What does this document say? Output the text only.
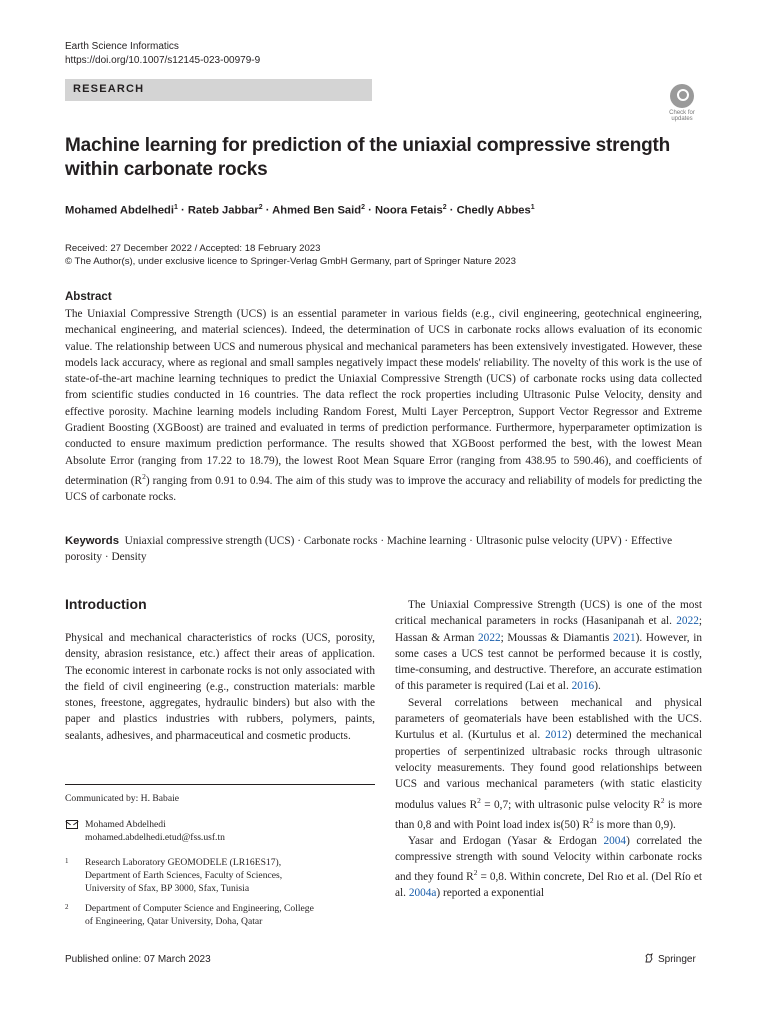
Earth Science Informatics
https://doi.org/10.1007/s12145-023-00979-9
RESEARCH
Check for updates
Machine learning for prediction of the uniaxial compressive strength within carbonate rocks
Mohamed Abdelhedi$^1$ · Rateb Jabbar$^2$ · Ahmed Ben Said$^2$ · Noora Fetais$^2$ · Chedly Abbes$^1$
Received: 27 December 2022 / Accepted: 18 February 2023
© The Author(s), under exclusive licence to Springer-Verlag GmbH Germany, part of Springer Nature 2023
Abstract
The Uniaxial Compressive Strength (UCS) is an essential parameter in various fields (e.g., civil engineering, geotechnical engineering, mechanical engineering, and material sciences). Indeed, the determination of UCS in carbonate rocks allows evaluation of its economic value. The relationship between UCS and numerous physical and mechanical parameters has been extensively investigated. However, these models lack accuracy, where as regional and small samples negatively impact these models' reliability. The novelty of this work is the use of state-of-the-art machine learning techniques to predict the Uniaxial Compressive Strength (UCS) of carbonate rocks using data collected from scientific studies conducted in 16 countries. The data reflect the rock properties including Ultrasonic Pulse Velocity, density and effective porosity. Machine learning models including Random Forest, Multi Layer Perceptron, Support Vector Regressor and Extreme Gradient Boosting (XGBoost) are trained and evaluated in terms of prediction performance. Furthermore, hyperparameter optimization is conducted to ensure maximum prediction performance. The results showed that XGBoost performed the best, with the lowest Mean Absolute Error (ranging from 17.22 to 18.79), the lowest Root Mean Square Error (ranging from 438.95 to 590.46), and coefficients of determination $(R^2)$ ranging from 0.91 to 0.94. The aim of this study was to improve the accuracy and reliability of models for predicting the UCS of carbonate rocks.
Keywords Uniaxial compressive strength (UCS) · Carbonate rocks · Machine learning · Ultrasonic pulse velocity (UPV) · Effective porosity · Density
Introduction
Physical and mechanical characteristics of rocks (UCS, porosity, density, abrasion resistance, etc.) affect their areas of application. The economic interest in carbonate rocks is not only associated with the field of civil engineering (e.g., construction materials: marble stones, freestone, aggregates, hydraulic binders) but also with the paper and plastics industries with rubbers, polymers, paints, sealants, adhesives, and pharmaceutical and cosmetic products.
Communicated by: H. Babaie
Mohamed Abdelhedi
mohamed.abdelhedi.etud@fss.usf.tn
1 Research Laboratory GEOMODELE (LR16ES17),
Department of Earth Sciences, Faculty of Sciences,
University of Sfax, BP 3000, Sfax, Tunisia
2 Department of Computer Science and Engineering, College
of Engineering, Qatar University, Doha, Qatar

The Uniaxial Compressive Strength (UCS) is one of the most critical mechanical parameters in rocks (Hasanipanah et al. 2022; Hassan & Arman 2022; Moussas & Diamantis 2021). However, in some cases a UCS test cannot be performed because it is costly, time-consuming, and destructive. Therefore, an accurate estimation of this parameter is required (Lai et al. 2016).

Several correlations between mechanical and physical parameters of geomaterials have been established with the UCS. Kurtulus et al. (Kurtulus et al. 2012) determined the mechanical properties of serpentinized ultrabasic rocks through ultrasonic velocity measurements. They found good relationships between UCS and various mechanical parameters (with static elasticity modulus values $R^2 = 0,7$; with ultrasonic pulse velocity $R^2$ is more than 0,8 and with Point load index is(50) $R^2$ is more than 0,9).

Yasar and Erdogan (Yasar & Erdogan 2004) correlated the compressive strength with sound Velocity within carbonate rocks and they found $R^2 = 0,8$. Within concrete, Del Rıo et al. (Del Río et al. 2004a) reported a exponential

Published online: 07 March 2023	Springer
